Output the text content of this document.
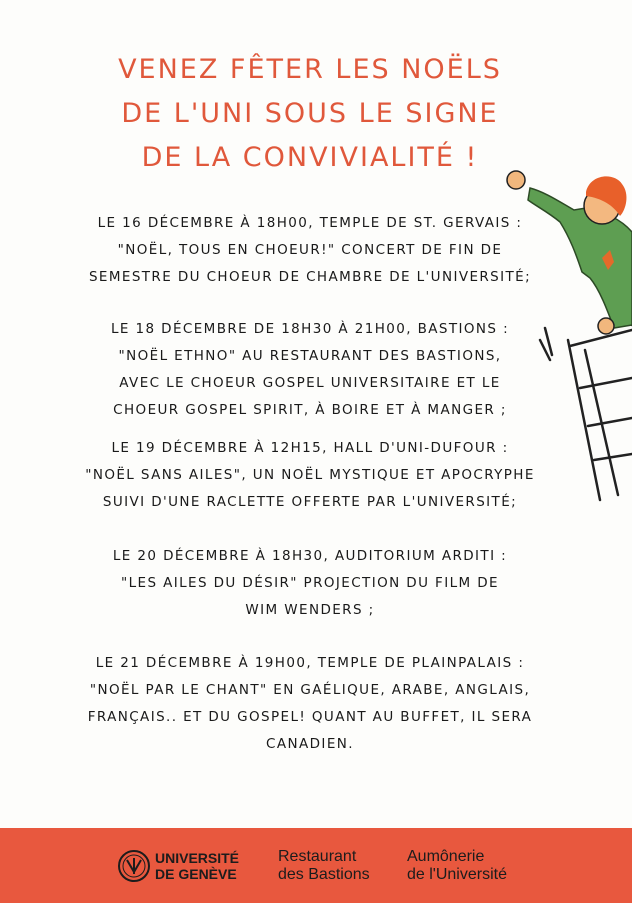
VENEZ FÊTER LES NOËLS
DE L'UNI SOUS LE SIGNE
DE LA CONVIVIALITÉ !
LE 16 DÉCEMBRE À 18H00, TEMPLE DE ST. GERVAIS :
"NOËL, TOUS EN CHOEUR!" CONCERT DE FIN DE
SEMESTRE DU CHOEUR DE CHAMBRE DE L'UNIVERSITÉ;
LE 18 DÉCEMBRE DE 18H30 À 21H00, BASTIONS :
"NOËL ETHNO" AU RESTAURANT DES BASTIONS,
AVEC LE CHOEUR GOSPEL UNIVERSITAIRE ET LE
CHOEUR GOSPEL SPIRIT, À BOIRE ET À MANGER ;
LE 19 DÉCEMBRE À 12H15, HALL D'UNI-DUFOUR :
"NOËL SANS AILES", UN NOËL MYSTIQUE ET APOCRYPHE
SUIVI D'UNE RACLETTE OFFERTE PAR L'UNIVERSITÉ;
LE 20 DÉCEMBRE À 18H30, AUDITORIUM ARDITI :
"LES AILES DU DÉSIR" PROJECTION DU FILM DE
WIM WENDERS ;
LE 21 DÉCEMBRE À 19H00, TEMPLE DE PLAINPALAIS :
"NOËL PAR LE CHANT" EN GAÉLIQUE, ARABE, ANGLAIS,
FRANÇAIS.. ET DU GOSPEL! QUANT AU BUFFET, IL SERA
CANADIEN.
UNIVERSITÉ
DE GENÈVE
Restaurant
des Bastions
Aumônerie
de l'Université
